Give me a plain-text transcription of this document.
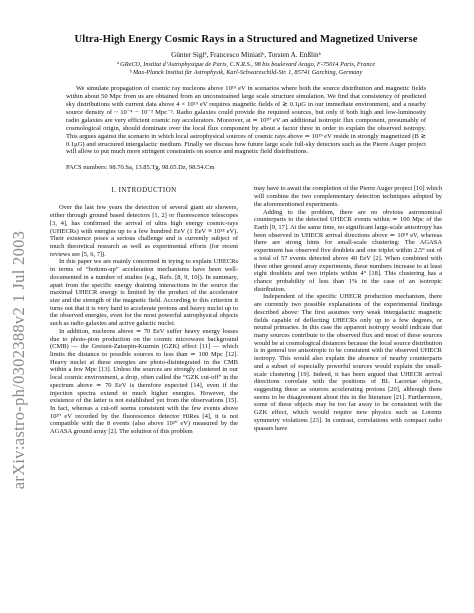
arXiv:astro-ph/0302388v2 1 Jul 2003
Ultra-High Energy Cosmic Rays in a Structured and Magnetized Universe
Günter Siglª, Francesco Miniatiᵇ, Torsten A. Enßlinᵇ
ª GReCO, Institut d’Astrophysique de Paris, C.N.R.S., 98 bis boulevard Arago, F-75014 Paris, France
ᵇ Max-Planck Institut für Astrophysik, Karl-Schwarzschild-Str. 1, 85741 Garching, Germany

We simulate propagation of cosmic ray nucleons above 10¹⁹ eV in scenarios where both the source distribution and magnetic fields within about 50 Mpc from us are obtained from an unconstrained large scale structure simulation. We find that consistency of predicted sky distributions with current data above 4 × 10¹⁹ eV requires magnetic fields of ≳ 0.1μG in our immediate environment, and a nearby source density of ~ 10⁻⁴ − 10⁻³ Mpc⁻³. Radio galaxies could provide the required sources, but only if both high and low-luminosity radio galaxies are very efficient cosmic ray accelerators. Moreover, at ≃ 10²⁰ eV an additional isotropic flux component, presumably of cosmological origin, should dominate over the local flux component by about a factor three in order to explain the observed isotropy. This argues against the scenario in which local astrophysical sources of cosmic rays above ≃ 10¹⁹ eV reside in strongly magnetized (B ≳ 0.1μG) and structured intergalactic medium. Finally we discuss how future large scale full-sky detectors such as the Pierre Auger project will allow to put much more stringent constraints on source and magnetic field distributions.

PACS numbers: 98.70.Sa, 13.85.Tg, 98.65.Dz, 98.54.Cm
I. INTRODUCTION

Over the last few years the detection of several giant air showers, either through ground based detectors [1, 2] or fluorescence telescopes [3, 4], has confirmed the arrival of ultra high energy cosmic-rays (UHECRs) with energies up to a few hundred EeV (1 EeV ≡ 10¹⁸ eV). Their existence poses a serious challenge and is currently subject of much theoretical research as well as experimental efforts (for recent reviews see [5, 6, 7]).

In this paper we are mainly concerned in trying to explain UHECRs in terms of “bottom-up” acceleration mechanisms have been well-documented in a number of studies (e.g., Refs. [8, 9, 10]). In summary, apart from the specific energy draining interactions in the source the maximal UHECR energy is limited by the product of the accelerator size and the strength of the magnetic field. According to this criterion it turns out that it is very hard to accelerate protons and heavy nuclei up to the observed energies, even for the most powerful astrophysical objects such as radio galaxies and active galactic nuclei.

In addition, nucleons above ≃ 70 EeV suffer heavy energy losses due to photo-pion production on the cosmic microwave background (CMB) — the Greisen-Zatsepin-Kuzmin (GZK) effect [11] — which limits the distance to possible sources to less than ≃ 100 Mpc [12]. Heavy nuclei at these energies are photo-disintegrated in the CMB within a few Mpc [13]. Unless the sources are strongly clustered in our local cosmic environment, a drop, often called the “GZK cut-off” in the spectrum above ≃ 70 EeV is therefore expected [14], even if the injection spectra extend to much higher energies. However, the existence of the latter is not established yet from the observations [15]. In fact, whereas a cut-off seems consistent with the few events above 10²⁰ eV recorded by the fluorescence detector HiRes [4], it is not compatible with the 8 events (also above 10²⁰ eV) measured by the AGASA ground array [2]. The solution of this problem

may have to await the completion of the Pierre Auger project [16] which will combine the two complementary detection techniques adopted by the aforementioned experiments.

Adding to the problem, there are no obvious astronomical counterparts to the detected UHECR events within ≃ 100 Mpc of the Earth [9, 17]. At the same time, no significant large-scale anisotropy has been observed in UHECR arrival directions above ≃ 10¹⁸ eV, whereas there are strong hints for small-scale clustering: The AGASA experiment has observed five doublets and one triplet within 2.5° out of a total of 57 events detected above 40 EeV [2]. When combined with three other ground array experiments, these numbers increase to at least eight doublets and two triplets within 4° [18]. This clustering has a chance probability of less than 1% in the case of an isotropic distribution.

Independent of the specific UHECR production mechanism, there are currently two possible explanations of the experimental findings described above: The first assumes very weak intergalactic magnetic fields capable of deflecting UHECRs only up to a few degrees, or neutral primaries. In this case the apparent isotropy would indicate that many sources contribute to the observed flux and most of these sources would be at cosmological distances because the local source distribution is in general too anisotropic to be consistent with the observed UHECR isotropy. This would also explain the absence of nearby counterparts and a subset of especially powerful sources would explain the small-scale clustering [19]. Indeed, it has been argued that UHECR arrival directions correlate with the positions of BL Lacertae objects, suggesting these as sources accelerating protons [20], although there seems to be disagreement about this in the literature [21]. Furthermore, some of these objects may be too far away to be consistent with the GZK effect, which would require new physics such as Lorentz symmetry violations [23]. In contrast, correlations with compact radio quasars have
